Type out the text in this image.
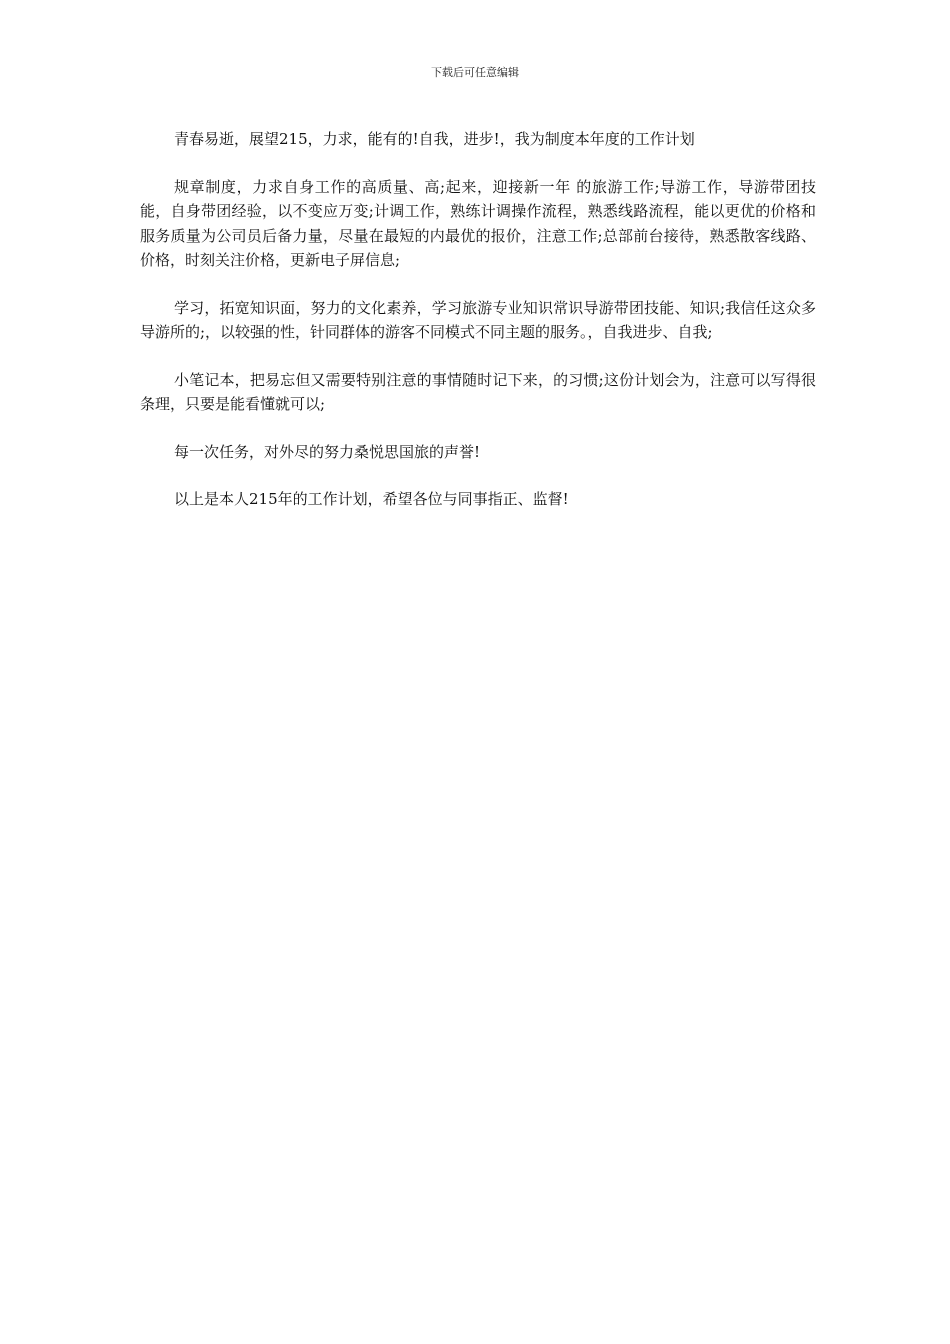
下载后可任意编辑

青春易逝，展望215，力求，能有的!自我，进步!，我为制度本年度的工作计划

规章制度，力求自身工作的高质量、高;起来，迎接新一年 的旅游工作;导游工作，导游带团技能，自身带团经验，以不变应万变;计调工作，熟练计调操作流程，熟悉线路流程，能以更优的价格和服务质量为公司员后备力量，尽量在最短的内最优的报价，注意工作;总部前台接待，熟悉散客线路、价格，时刻关注价格，更新电子屏信息;

学习，拓宽知识面，努力的文化素养，学习旅游专业知识常识导游带团技能、知识;我信任这众多导游所的;，以较强的性，针同群体的游客不同模式不同主题的服务。，自我进步、自我;

小笔记本，把易忘但又需要特别注意的事情随时记下来，的习惯;这份计划会为，注意可以写得很条理，只要是能看懂就可以;

每一次任务，对外尽的努力桑悦思国旅的声誉!

以上是本人215年的工作计划，希望各位与同事指正、监督!
